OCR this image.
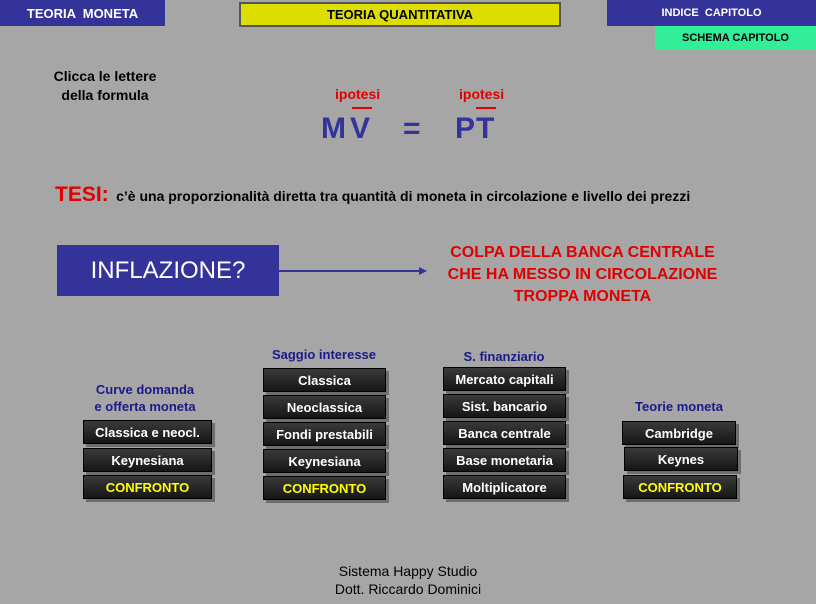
TEORIA  MONETA	TEORIA QUANTITATIVA	INDICE  CAPITOLO
SCHEMA CAPITOLO
Clicca le lettere
della formula	ipotesi	ipotesi
M V = P T
TESI: c’è una proporzionalità diretta tra quantità di moneta in circolazione e livello dei prezzi
INFLAZIONE?
COLPA DELLA BANCA CENTRALE
CHE HA MESSO IN CIRCOLAZIONE
TROPPA MONETA
Curve domanda
e offerta moneta
Classica e neocl.
Keynesiana
CONFRONTO
Saggio interesse
Classica
Neoclassica
Fondi prestabili
Keynesiana
CONFRONTO
S. finanziario
Mercato capitali
Sist. bancario
Banca centrale
Base monetaria
Moltiplicatore
Teorie moneta
Cambridge
Keynes
CONFRONTO
Sistema Happy Studio
Dott. Riccardo Dominici
